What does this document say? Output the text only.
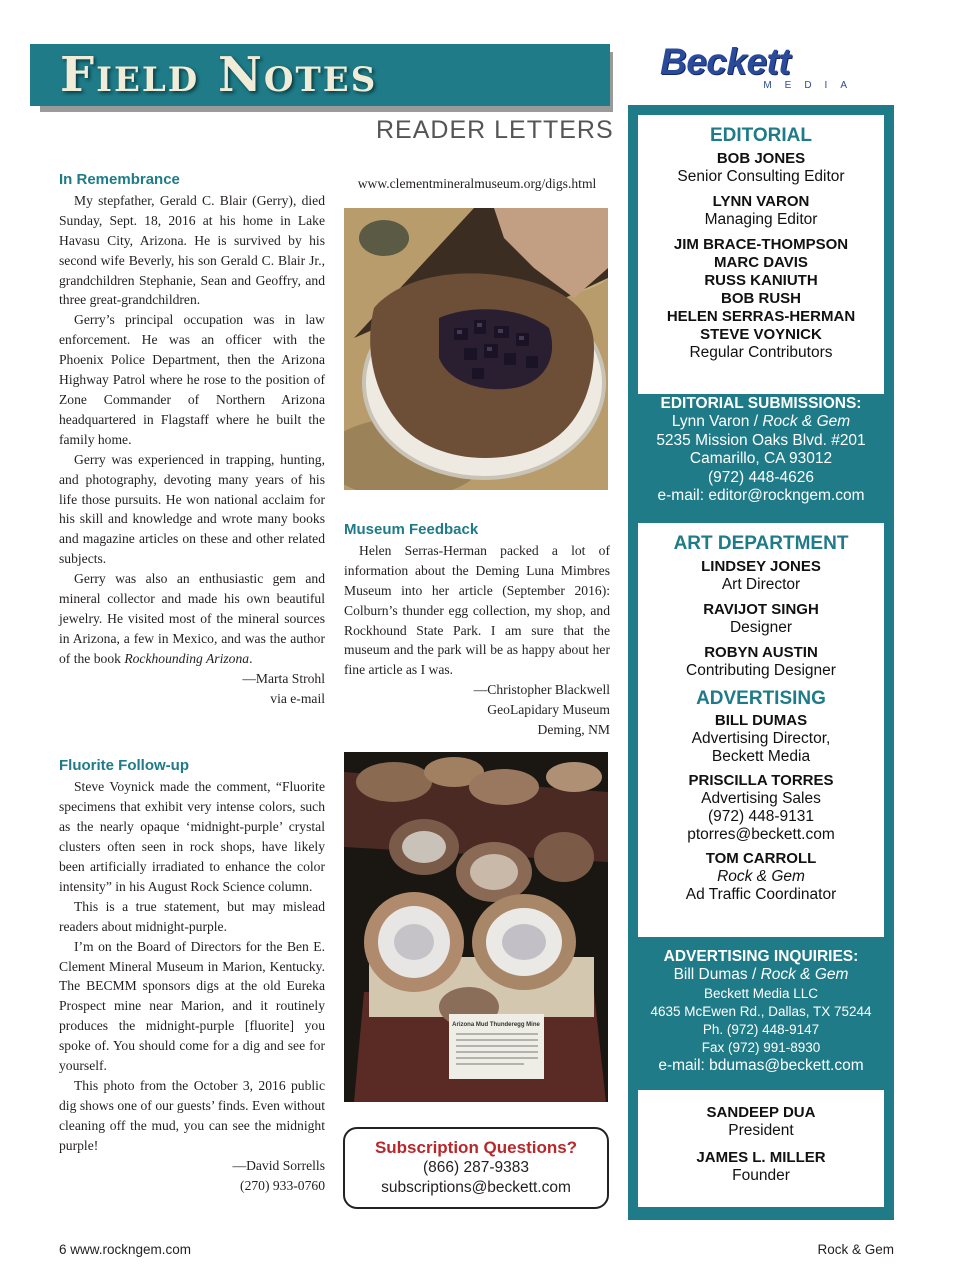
Field Notes
READER LETTERS
Beckett
MEDIA
In Remembrance

My stepfather, Gerald C. Blair (Gerry), died Sunday, Sept. 18, 2016 at his home in Lake Havasu City, Arizona. He is survived by his second wife Beverly, his son Gerald C. Blair Jr., grandchildren Stephanie, Sean and Geoffry, and three great-grandchildren.

Gerry’s principal occupation was in law enforcement. He was an officer with the Phoenix Police Department, then the Arizona Highway Patrol where he rose to the position of Zone Commander of Northern Arizona headquartered in Flagstaff where he built the family home.

Gerry was experienced in trapping, hunting, and photography, devoting many years of his life those pursuits. He won national acclaim for his skill and knowledge and wrote many books and magazine articles on these and other related subjects.

Gerry was also an enthusiastic gem and mineral collector and made his own beautiful jewelry. He visited most of the mineral sources in Arizona, a few in Mexico, and was the author of the book Rockhounding Arizona.

—Marta Strohl

via e-mail

Fluorite Follow-up

Steve Voynick made the comment, “Fluorite specimens that exhibit very intense colors, such as the nearly opaque ‘midnight-purple’ crystal clusters often seen in rock shops, have likely been artificially irradiated to enhance the color intensity” in his August Rock Science column.

This is a true statement, but may mislead readers about midnight-purple.

I’m on the Board of Directors for the Ben E. Clement Mineral Museum in Marion, Kentucky. The BECMM sponsors digs at the old Eureka Prospect mine near Marion, and it routinely produces the midnight-purple [fluorite] you spoke of. You should come for a dig and see for yourself.

This photo from the October 3, 2016 public dig shows one of our guests’ finds. Even without cleaning off the mud, you can see the midnight purple!

—David Sorrells

(270) 933-0760

www.clementmineralmuseum.org/digs.html
Museum Feedback

Helen Serras-Herman packed a lot of information about the Deming Luna Mimbres Museum into her article (September 2016): Colburn’s thunder egg collection, my shop, and Rockhound State Park. I am sure that the museum and the park will be as happy about her fine article as I was.

—Christopher Blackwell

GeoLapidary Museum

Deming, NM

Arizona Mud Thunderegg Mine
Subscription Questions?
(866) 287-9383
subscriptions@beckett.com
EDITORIAL
BOB JONES
Senior Consulting Editor
LYNN VARON
Managing Editor
JIM BRACE-THOMPSON
MARC DAVIS
RUSS KANIUTH
BOB RUSH
HELEN SERRAS-HERMAN
STEVE VOYNICK
Regular Contributors
EDITORIAL SUBMISSIONS:
Lynn Varon / Rock & Gem
5235 Mission Oaks Blvd. #201
Camarillo, CA 93012
(972) 448-4626
e-mail: editor@rockngem.com
ART DEPARTMENT
LINDSEY JONES
Art Director
RAVIJOT SINGH
Designer
ROBYN AUSTIN
Contributing Designer
ADVERTISING
BILL DUMAS
Advertising Director,
Beckett Media
PRISCILLA TORRES
Advertising Sales
(972) 448-9131
ptorres@beckett.com
TOM CARROLL
Rock & Gem
Ad Traffic Coordinator
ADVERTISING INQUIRIES:
Bill Dumas / Rock & Gem
Beckett Media LLC
4635 McEwen Rd., Dallas, TX 75244
Ph. (972) 448-9147
Fax (972) 991-8930
e-mail: bdumas@beckett.com
SANDEEP DUA
President
JAMES L. MILLER
Founder
6 www.rockngem.com	Rock & Gem
